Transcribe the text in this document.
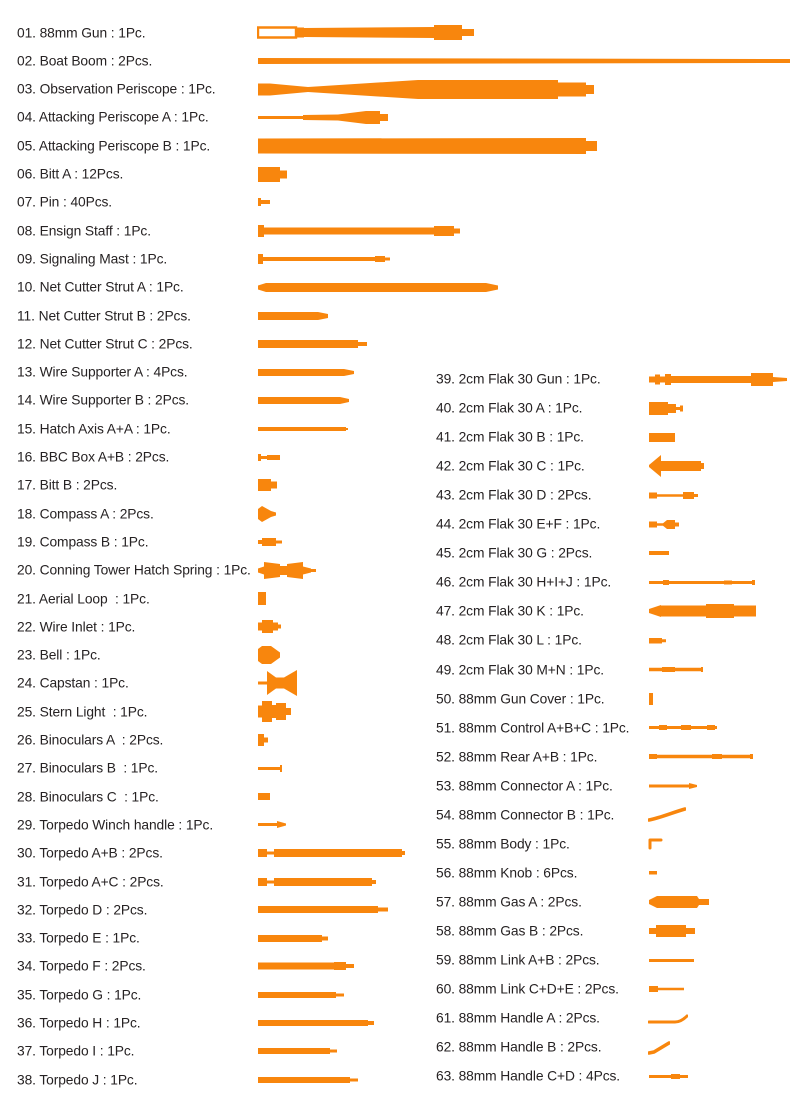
01. 88mm Gun : 1Pc.
02. Boat Boom : 2Pcs.
03. Observation Periscope : 1Pc.
04. Attacking Periscope A : 1Pc.
05. Attacking Periscope B : 1Pc.
06. Bitt A : 12Pcs.
07. Pin : 40Pcs.
08. Ensign Staff : 1Pc.
09. Signaling Mast : 1Pc.
10. Net Cutter Strut A : 1Pc.
11. Net Cutter Strut B : 2Pcs.
12. Net Cutter Strut C : 2Pcs.
13. Wire Supporter A : 4Pcs.
14. Wire Supporter B : 2Pcs.
15. Hatch Axis A+A : 1Pc.
16. BBC Box A+B : 2Pcs.
17. Bitt B : 2Pcs.
18. Compass A : 2Pcs.
19. Compass B : 1Pc.
20. Conning Tower Hatch Spring : 1Pc.
21. Aerial Loop  : 1Pc.
22. Wire Inlet : 1Pc.
23. Bell : 1Pc.
24. Capstan : 1Pc.
25. Stern Light  : 1Pc.
26. Binoculars A  : 2Pcs.
27. Binoculars B  : 1Pc.
28. Binoculars C  : 1Pc.
29. Torpedo Winch handle : 1Pc.
30. Torpedo A+B : 2Pcs.
31. Torpedo A+C : 2Pcs.
32. Torpedo D : 2Pcs.
33. Torpedo E : 1Pc.
34. Torpedo F : 2Pcs.
35. Torpedo G : 1Pc.
36. Torpedo H : 1Pc.
37. Torpedo I : 1Pc.
38. Torpedo J : 1Pc.
39. 2cm Flak 30 Gun : 1Pc.
40. 2cm Flak 30 A : 1Pc.
41. 2cm Flak 30 B : 1Pc.
42. 2cm Flak 30 C : 1Pc.
43. 2cm Flak 30 D : 2Pcs.
44. 2cm Flak 30 E+F : 1Pc.
45. 2cm Flak 30 G : 2Pcs.
46. 2cm Flak 30 H+I+J : 1Pc.
47. 2cm Flak 30 K : 1Pc.
48. 2cm Flak 30 L : 1Pc.
49. 2cm Flak 30 M+N : 1Pc.
50. 88mm Gun Cover : 1Pc.
51. 88mm Control A+B+C : 1Pc.
52. 88mm Rear A+B : 1Pc.
53. 88mm Connector A : 1Pc.
54. 88mm Connector B : 1Pc.
55. 88mm Body : 1Pc.
56. 88mm Knob : 6Pcs.
57. 88mm Gas A : 2Pcs.
58. 88mm Gas B : 2Pcs.
59. 88mm Link A+B : 2Pcs.
60. 88mm Link C+D+E : 2Pcs.
61. 88mm Handle A : 2Pcs.
62. 88mm Handle B : 2Pcs.
63. 88mm Handle C+D : 4Pcs.
